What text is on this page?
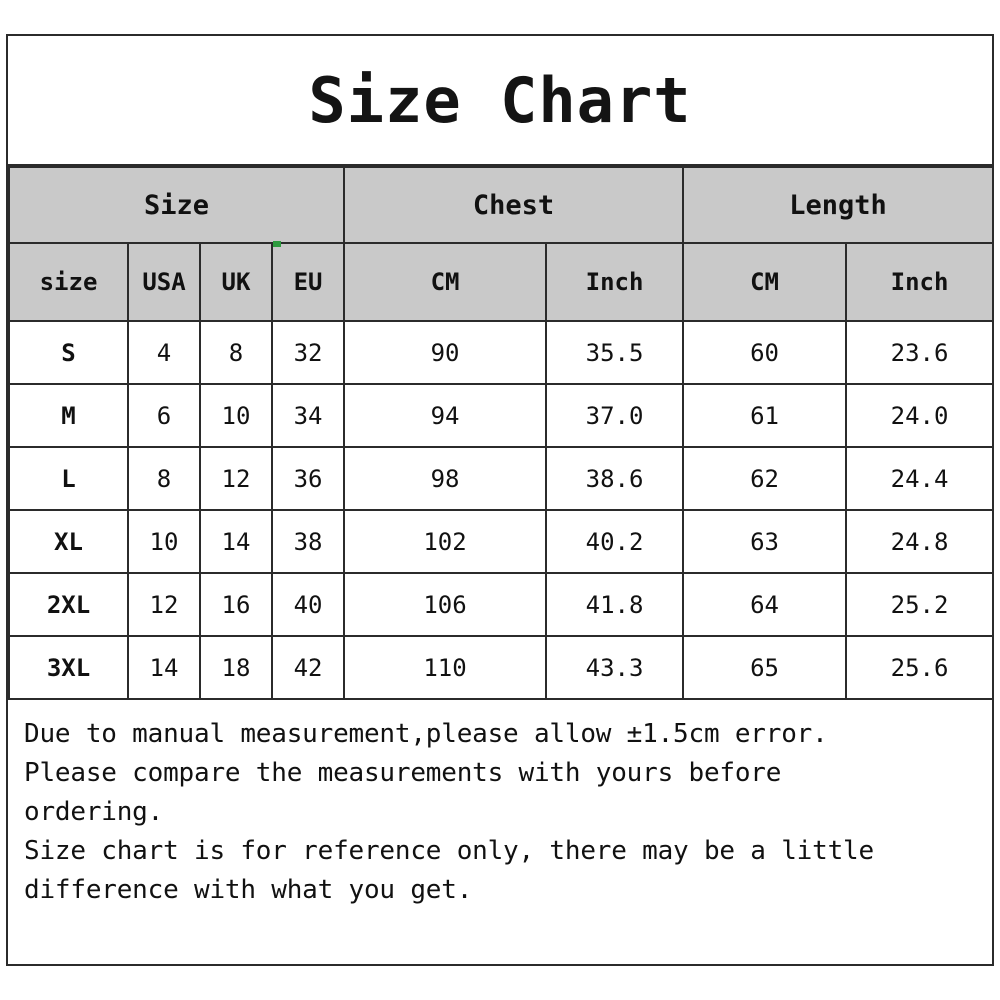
Size Chart
Size				Chest		Length	
size	USA	UK	EU	CM	Inch	CM	Inch
S	4	8	32	90	35.5	60	23.6
M	6	10	34	94	37.0	61	24.0
L	8	12	36	98	38.6	62	24.4
XL	10	14	38	102	40.2	63	24.8
2XL	12	16	40	106	41.8	64	25.2
3XL	14	18	42	110	43.3	65	25.6

Due to manual measurement,please allow ±1.5cm error.

Please compare the measurements with yours before

ordering.

Size chart is for reference only, there may be a little

difference with what you get.
